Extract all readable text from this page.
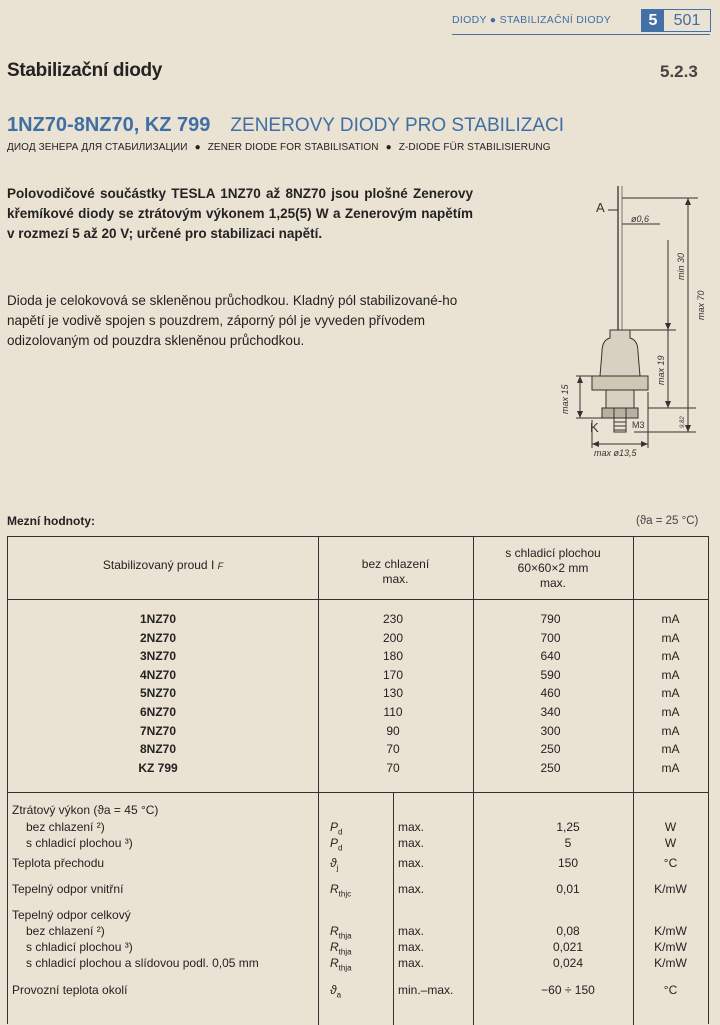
DIODY ● STABILIZAČNÍ DIODY	5	501
Stabilizační diody	5.2.3
1NZ70-8NZ70, KZ 799 ZENEROVY DIODY PRO STABILIZACI
ДИОД ЗЕНЕРА ДЛЯ СТАБИЛИЗАЦИИ ● ZENER DIODE FOR STABILISATION ● Z-DIODE FÜR STABILISIERUNG
Polovodičové součástky TESLA 1NZ70 až 8NZ70 jsou plošné Zenerovy křemíkové diody se ztrátovým výkonem 1,25(5) W a Zenerovým napětím v rozmezí 5 až 20 V; určené pro stabilizaci napětí.
Dioda je celokovová se skleněnou průchodkou. Kladný pól stabilizované-ho napětí je vodivě spojen s pouzdrem, záporný pól je vyveden přívodem odizolovaným od pouzdra skleněnou průchodkou.
A
ø0,6
min 30
max 70
max 19
max 15
9,82
K	M3
max ø13,5
Mezní hodnoty:	(ϑa = 25 °C)
Stabilizovaný proud I F	bez chlazení
max.
s chladicí plochou
60×60×2 mm
max.
1NZ70	230	790	mA
2NZ70	200	700	mA
3NZ70	180	640	mA
4NZ70	170	590	mA
5NZ70	130	460	mA
6NZ70	110	340	mA
7NZ70	90	300	mA
8NZ70	70	250	mA
KZ 799	70	250	mA
Ztrátový výkon (ϑa = 45 °C)
bez chlazení ²)	$P_d$	max.	1,25	W
s chladicí plochou ³)	$P_d$	max.	5	W
Teplota přechodu	$ϑ_j$	max.	150	°C
Tepelný odpor vnitřní	$R_{thjc}$	max.	0,01	K/mW
Tepelný odpor celkový
bez chlazení ²)	$R_{thja}$	max.	0,08	K/mW
s chladicí plochou ³)	$R_{thja}$	max.	0,021	K/mW
s chladicí plochou a slídovou podl. 0,05 mm	$R_{thja}$	max.	0,024	K/mW
Provozní teplota okolí	$ϑ_a$	min.–max.	−60 ÷ 150	°C
